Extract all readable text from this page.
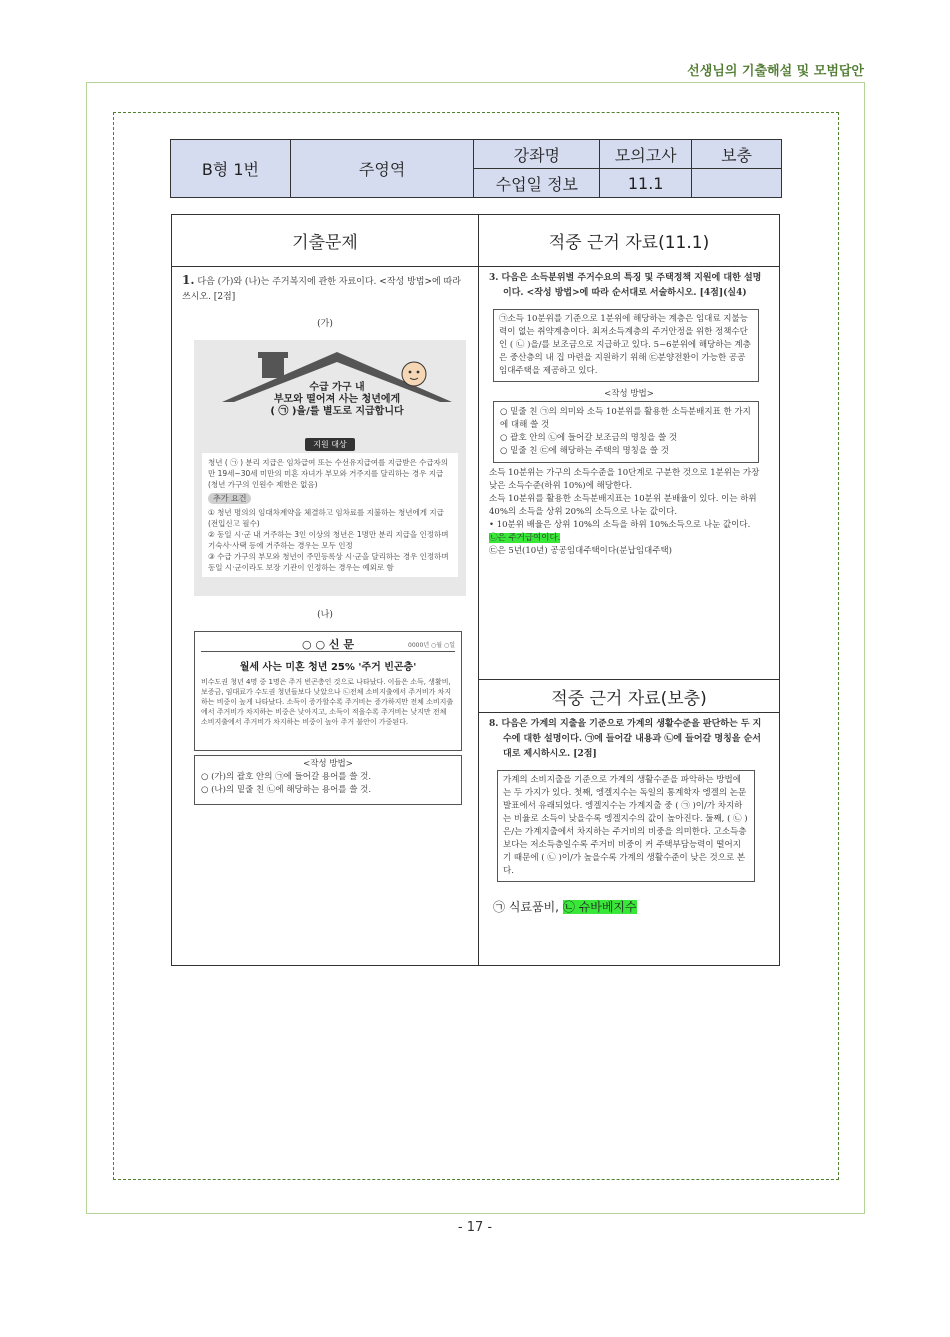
선생님의 기출해설 및 모범답안
B형 1번	주영역	강좌명	모의고사	보충
		수업일 정보	11.1	
기출문제
1. 다음 (가)와 (나)는 주거복지에 관한 자료이다. <작성 방법>에 따라 쓰시오. [2점]
(가)
수급 가구 내
부모와 떨어져 사는 청년에게
( ㉠ )을/를 별도로 지급합니다
지원 대상
청년 ( ㉠ ) 분리 지급은 임차급여 또는 수선유지급여를 지급받은 수급자의 만 19세~30세 미만의 미혼 자녀가 부모와 거주지를 달리하는 경우 지급(청년 가구의 인원수 제한은 없음)
추가 요건
① 청년 명의의 임대차계약을 체결하고 임차료를 지불하는 청년에게 지급(전입신고 필수)
② 동일 시·군 내 거주하는 3인 이상의 청년은 1명만 분리 지급을 인정하며 기숙사·사택 등에 거주하는 경우는 모두 인정
③ 수급 가구의 부모와 청년이 주민등록상 시·군을 달리하는 경우 인정하며 동일 시·군이라도 보장 기관이 인정하는 경우는 예외로 함
(나)
○ ○ 신 문	0000년 ○월 ○일
월세 사는 미혼 청년 25% '주거 빈곤층'
비수도권 청년 4명 중 1명은 주거 빈곤층인 것으로 나타났다. 이들은 소득, 생활비, 보증금, 임대료가 수도권 청년들보다 낮았으나 ㉡전체 소비지출에서 주거비가 차지하는 비중이 높게 나타났다. 소득이 증가할수록 주거비는 증가하지만 전체 소비지출에서 주거비가 차지하는 비중은 낮아지고, 소득이 적을수록 주거비는 낮지만 전체 소비지출에서 주거비가 차지하는 비중이 높아 주거 불안이 가중된다.
<작성 방법>
○ (가)의 괄호 안의 ㉠에 들어갈 용어를 쓸 것.
○ (나)의 밑줄 친 ㉡에 해당하는 용어를 쓸 것.
적중 근거 자료(11.1)
3. 다음은 소득분위별 주거수요의 특징 및 주택정책 지원에 대한 설명이다. <작성 방법>에 따라 순서대로 서술하시오. [4점](실4)
㉠소득 10분위를 기준으로 1분위에 해당하는 계층은 임대료 지불능력이 없는 취약계층이다. 최저소득계층의 주거안정을 위한 정책수단인 ( ㉡ )을/를 보조금으로 지급하고 있다. 5~6분위에 해당하는 계층은 중산층의 내 집 마련을 지원하기 위해 ㉢분양전환이 가능한 공공임대주택을 제공하고 있다.
<작성 방법>
○ 밑줄 친 ㉠의 의미와 소득 10분위를 활용한 소득분배지표 한 가지에 대해 쓸 것
○ 괄호 안의 ㉡에 들어갈 보조금의 명칭을 쓸 것
○ 밑줄 친 ㉢에 해당하는 주택의 명칭을 쓸 것
소득 10분위는 가구의 소득수준을 10단계로 구분한 것으로 1분위는 가장 낮은 소득수준(하위 10%)에 해당한다.
소득 10분위를 활용한 소득분배지표는 10분위 분배율이 있다. 이는 하위 40%의 소득을 상위 20%의 소득으로 나눈 값이다.
• 10분위 배율은 상위 10%의 소득을 하위 10%소득으로 나눈 값이다.
㉡은 주거급여이다.
㉢은 5년(10년) 공공임대주택이다(분납임대주택)
적중 근거 자료(보충)
8. 다음은 가계의 지출을 기준으로 가계의 생활수준을 판단하는 두 지수에 대한 설명이다. ㉠에 들어갈 내용과 ㉡에 들어갈 명칭을 순서대로 제시하시오. [2점]
가계의 소비지출을 기준으로 가계의 생활수준을 파악하는 방법에는 두 가지가 있다. 첫째, 엥겔지수는 독일의 통계학자 엥겔의 논문발표에서 유래되었다. 엥겔지수는 가계지출 중 ( ㉠ )이/가 차지하는 비율로 소득이 낮을수록 엥겔지수의 값이 높아진다. 둘째, ( ㉡ )은/는 가계지출에서 차지하는 주거비의 비중을 의미한다. 고소득층보다는 저소득층일수록 주거비 비중이 커 주택부담능력이 떨어지기 때문에 ( ㉡ )이/가 높을수록 가계의 생활수준이 낮은 것으로 본다.
㉠ 식료품비, ㉡ 슈바베지수
- 17 -
